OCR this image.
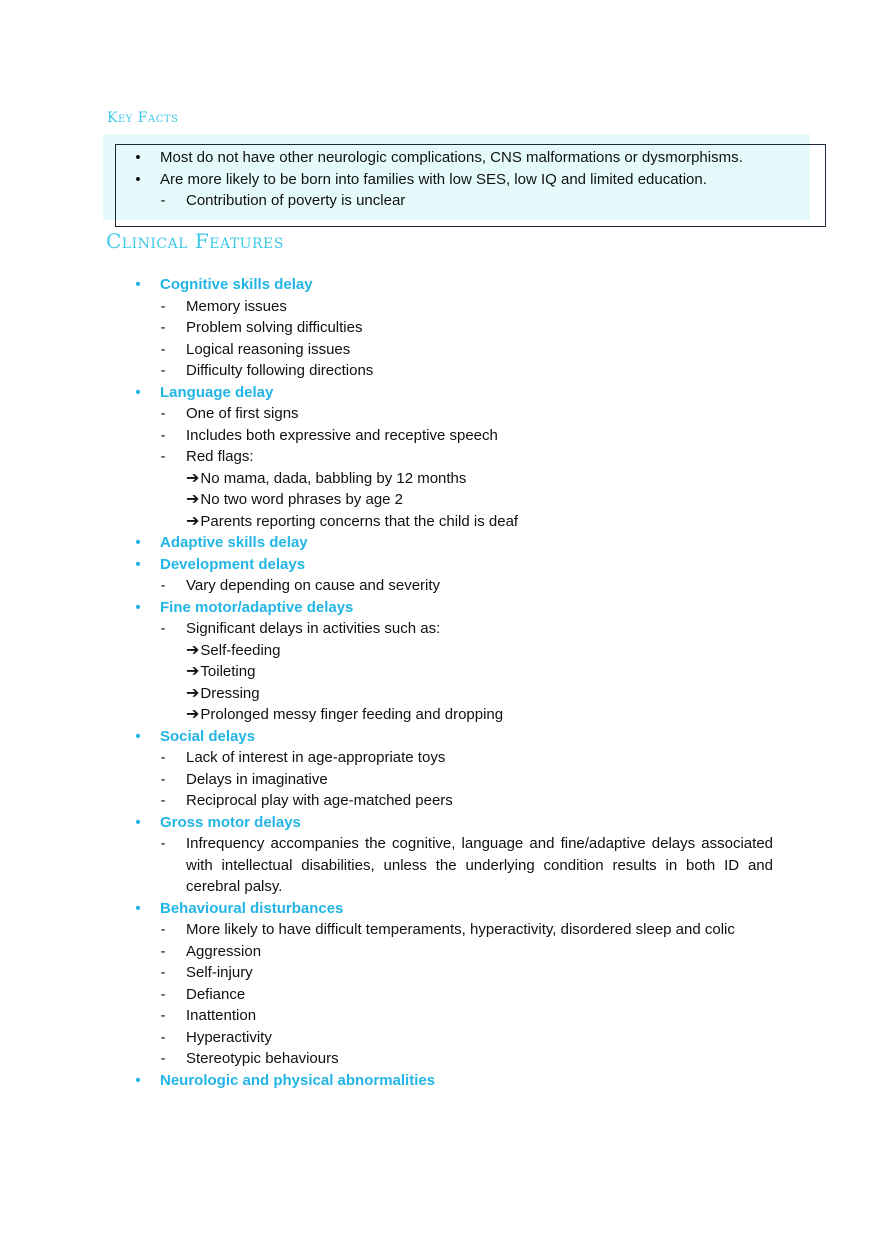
Key Facts
• Most do not have other neurologic complications, CNS malformations or dysmorphisms.
• Are more likely to be born into families with low SES, low IQ and limited education.
- Contribution of poverty is unclear
Clinical Features
• Cognitive skills delay
- Memory issues
- Problem solving difficulties
- Logical reasoning issues
- Difficulty following directions
• Language delay
- One of first signs
- Includes both expressive and receptive speech
- Red flags:
➔No mama, dada, babbling by 12 months
➔No two word phrases by age 2
➔Parents reporting concerns that the child is deaf
• Adaptive skills delay
• Development delays
- Vary depending on cause and severity
• Fine motor/adaptive delays
- Significant delays in activities such as:
➔Self-feeding
➔Toileting
➔Dressing
➔Prolonged messy finger feeding and dropping
• Social delays
- Lack of interest in age-appropriate toys
- Delays in imaginative
- Reciprocal play with age-matched peers
• Gross motor delays
- Infrequency accompanies the cognitive, language and fine/adaptive delays associated with intellectual disabilities, unless the underlying condition results in both ID and cerebral palsy.
• Behavioural disturbances
- More likely to have difficult temperaments, hyperactivity, disordered sleep and colic
- Aggression
- Self-injury
- Defiance
- Inattention
- Hyperactivity
- Stereotypic behaviours
• Neurologic and physical abnormalities
